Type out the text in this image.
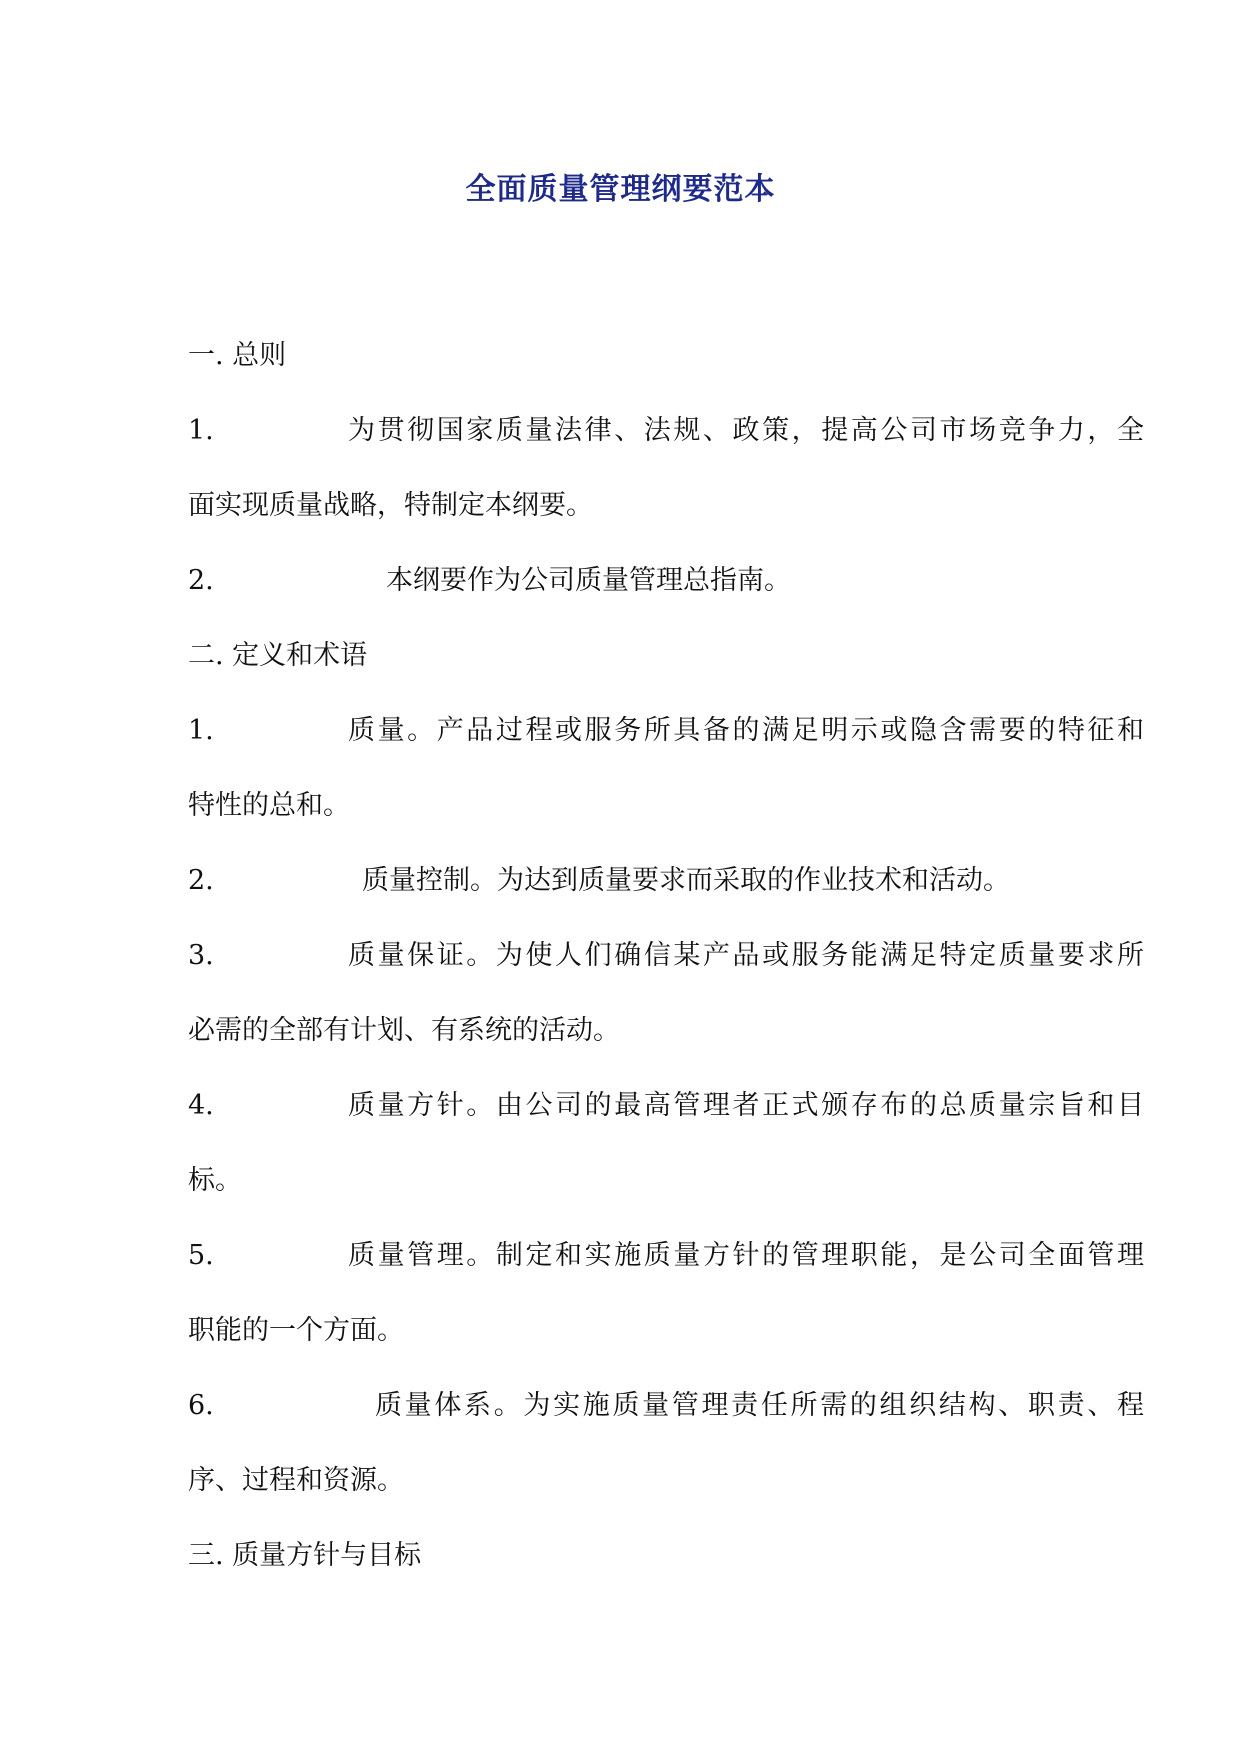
全面质量管理纲要范本
一. 总则
1.	为贯彻国家质量法律、法规、政策，提高公司市场竞争力，全
面实现质量战略，特制定本纲要。
2.	本纲要作为公司质量管理总指南。
二. 定义和术语
1.	质量。产品过程或服务所具备的满足明示或隐含需要的特征和
特性的总和。
2.	质量控制。为达到质量要求而采取的作业技术和活动。
3.	质量保证。为使人们确信某产品或服务能满足特定质量要求所
必需的全部有计划、有系统的活动。
4.	质量方针。由公司的最高管理者正式颁存布的总质量宗旨和目
标。
5.	质量管理。制定和实施质量方针的管理职能，是公司全面管理
职能的一个方面。
6.	质量体系。为实施质量管理责任所需的组织结构、职责、程
序、过程和资源。
三. 质量方针与目标
